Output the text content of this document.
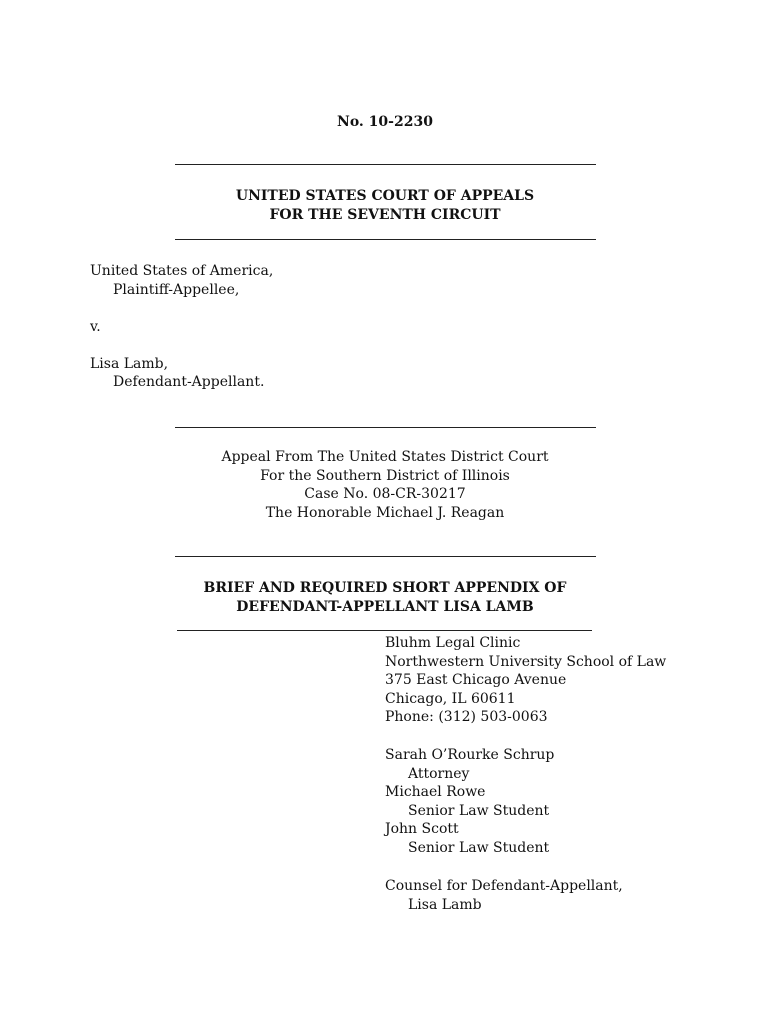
No. 10-2230
UNITED STATES COURT OF APPEALS
FOR THE SEVENTH CIRCUIT
United States of America,
Plaintiff-Appellee,
v.
Lisa Lamb,
Defendant-Appellant.
Appeal From The United States District Court
For the Southern District of Illinois
Case No. 08-CR-30217
The Honorable Michael J. Reagan
BRIEF AND REQUIRED SHORT APPENDIX OF
DEFENDANT-APPELLANT LISA LAMB
Bluhm Legal Clinic
Northwestern University School of Law
375 East Chicago Avenue
Chicago, IL 60611
Phone: (312) 503-0063
Sarah O’Rourke Schrup
Attorney
Michael Rowe
Senior Law Student
John Scott
Senior Law Student
Counsel for Defendant-Appellant,
Lisa Lamb
